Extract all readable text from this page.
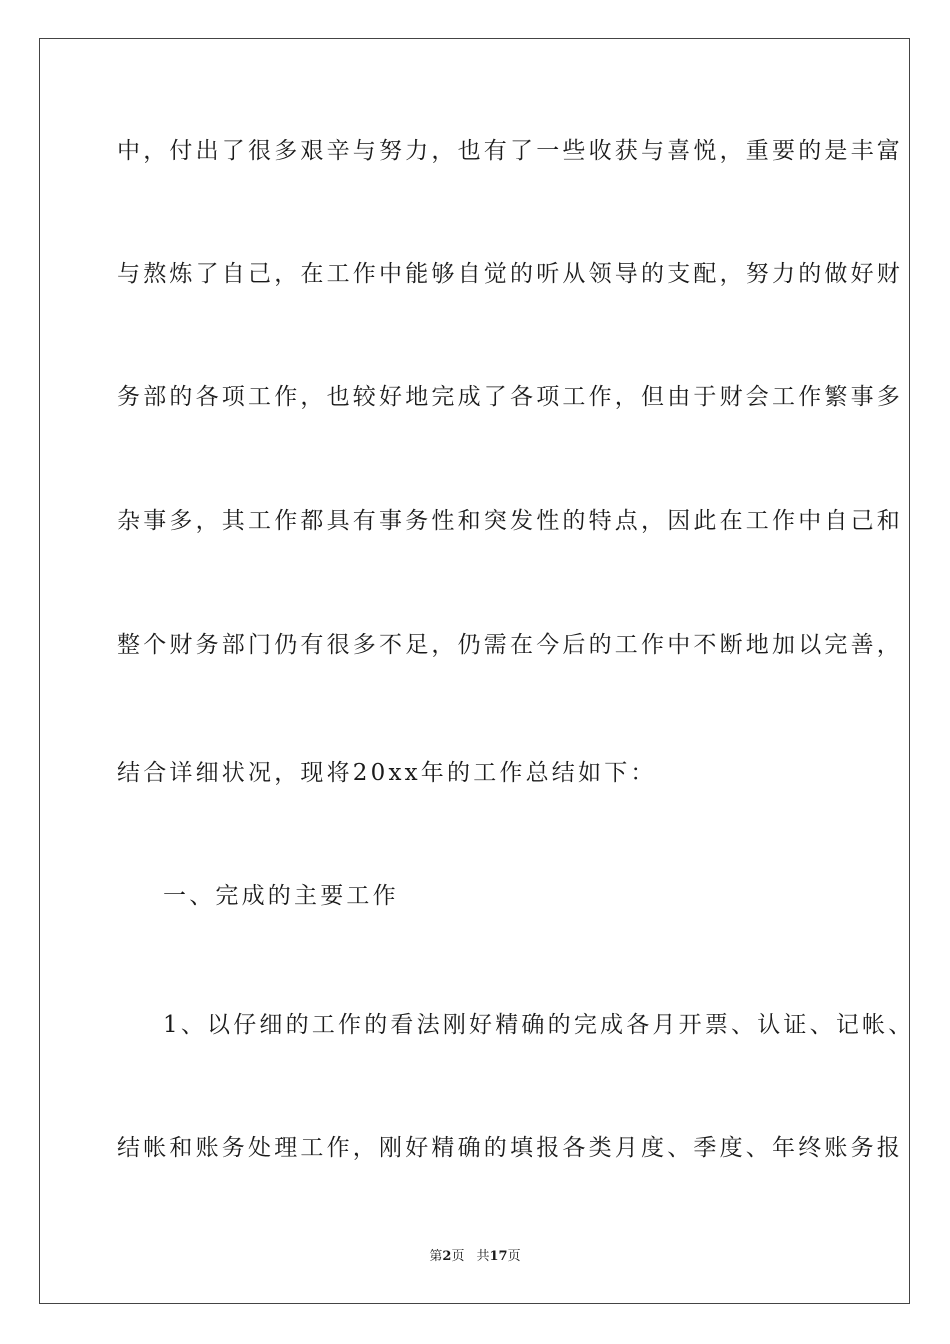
中，付出了很多艰辛与努力，也有了一些收获与喜悦，重要的是丰富
与熬炼了自己，在工作中能够自觉的听从领导的支配，努力的做好财
务部的各项工作，也较好地完成了各项工作，但由于财会工作繁事多
杂事多，其工作都具有事务性和突发性的特点，因此在工作中自己和
整个财务部门仍有很多不足，仍需在今后的工作中不断地加以完善，
结合详细状况，现将20xx年的工作总结如下：
一、完成的主要工作
1、以仔细的工作的看法刚好精确的完成各月开票、认证、记帐、
结帐和账务处理工作，刚好精确的填报各类月度、季度、年终账务报
第2页 共17页
